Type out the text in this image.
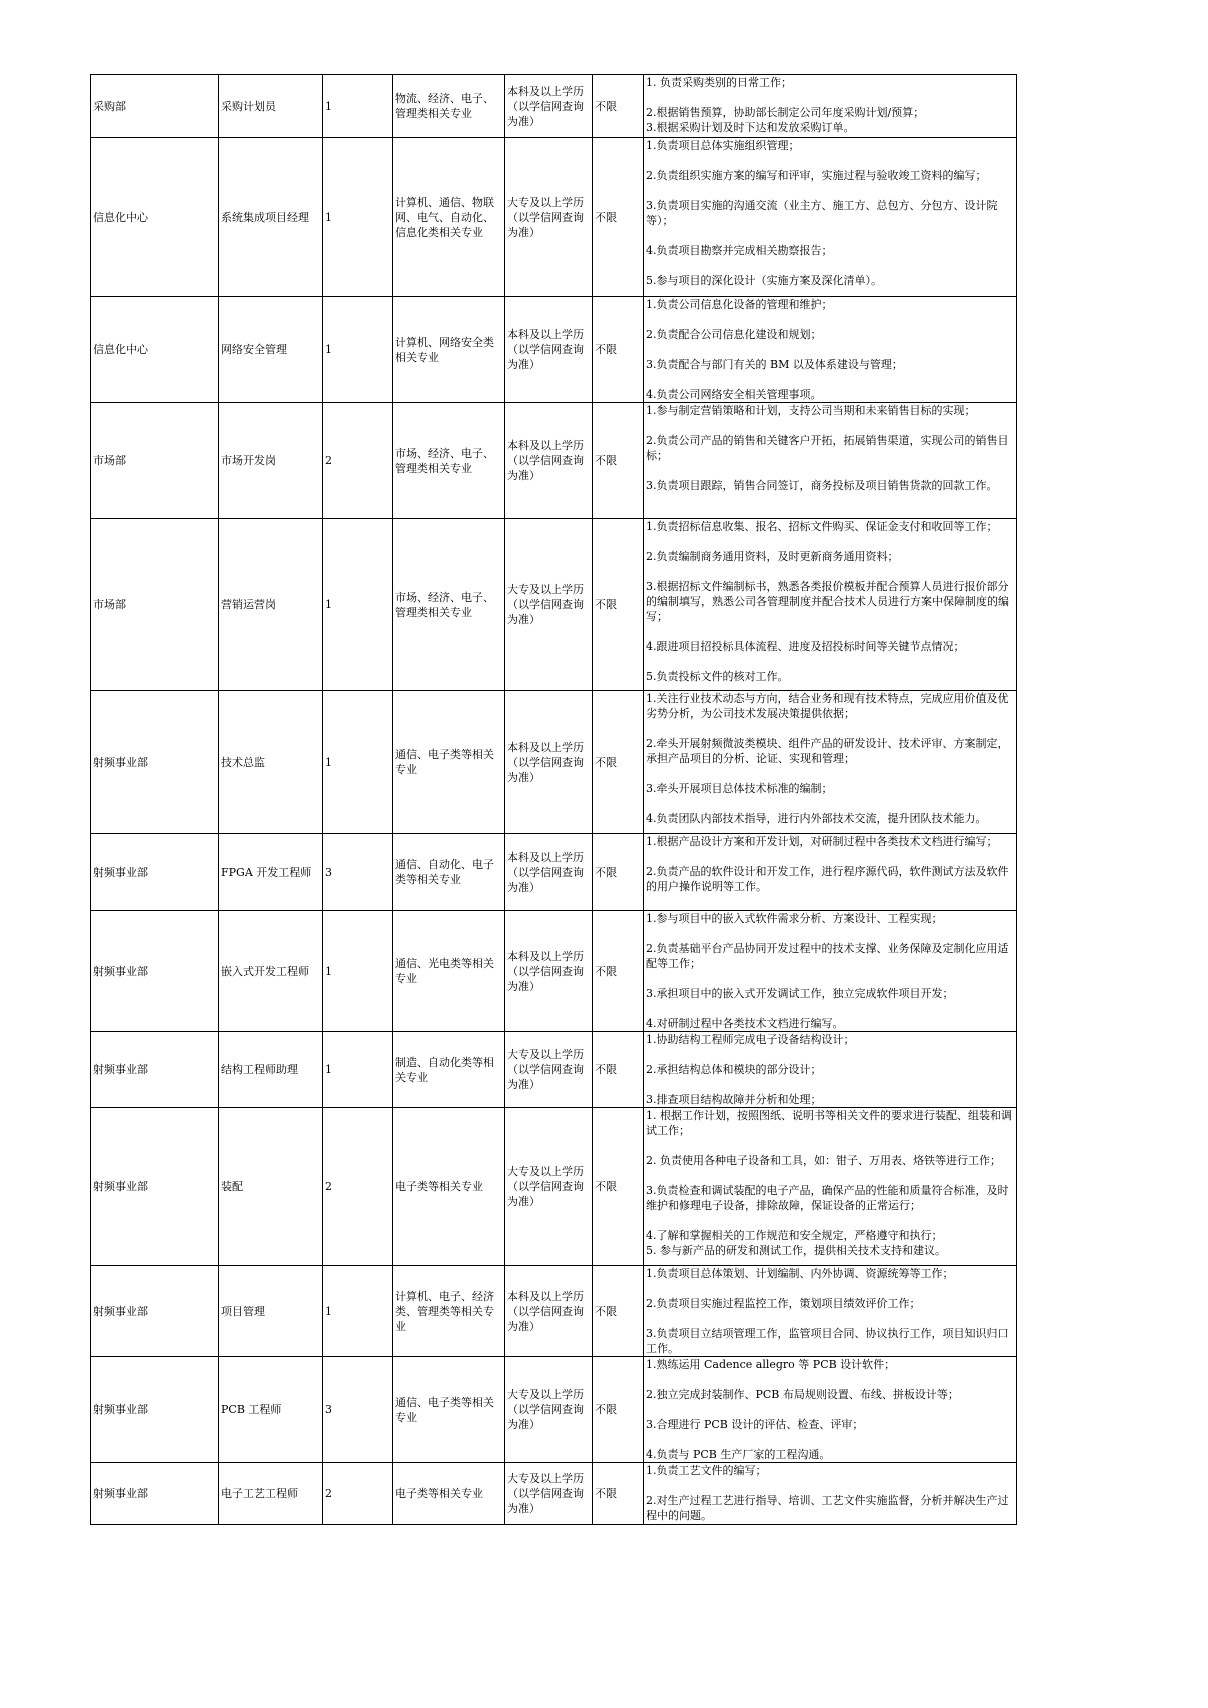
采购部	采购计划员	1	物流、经济、电子、管理类相关专业	本科及以上学历（以学信网查询为准）	不限	1. 负责采购类别的日常工作；
2.根据销售预算，协助部长制定公司年度采购计划/预算；
3.根据采购计划及时下达和发放采购订单。

信息化中心	系统集成项目经理	1	计算机、通信、物联网、电气、自动化、信息化类相关专业	大专及以上学历（以学信网查询为准）	不限	1.负责项目总体实施组织管理；
2.负责组织实施方案的编写和评审，实施过程与验收竣工资料的编写；
3.负责项目实施的沟通交流（业主方、施工方、总包方、分包方、设计院等）；
4.负责项目勘察并完成相关勘察报告；
5.参与项目的深化设计（实施方案及深化清单）。

信息化中心	网络安全管理	1	计算机、网络安全类相关专业	本科及以上学历（以学信网查询为准）	不限	1.负责公司信息化设备的管理和维护；
2.负责配合公司信息化建设和规划；
3.负责配合与部门有关的 BM 以及体系建设与管理；
4.负责公司网络安全相关管理事项。

市场部	市场开发岗	2	市场、经济、电子、管理类相关专业	本科及以上学历（以学信网查询为准）	不限	1.参与制定营销策略和计划，支持公司当期和未来销售目标的实现；
2.负责公司产品的销售和关键客户开拓，拓展销售渠道，实现公司的销售目标；
3.负责项目跟踪，销售合同签订，商务投标及项目销售货款的回款工作。

市场部	营销运营岗	1	市场、经济、电子、管理类相关专业	大专及以上学历（以学信网查询为准）	不限	1.负责招标信息收集、报名、招标文件购买、保证金支付和收回等工作；
2.负责编制商务通用资料，及时更新商务通用资料；
3.根据招标文件编制标书，熟悉各类报价模板并配合预算人员进行报价部分的编制填写，熟悉公司各管理制度并配合技术人员进行方案中保障制度的编写；
4.跟进项目招投标具体流程、进度及招投标时间等关键节点情况；
5.负责投标文件的核对工作。

射频事业部	技术总监	1	通信、电子类等相关专业	本科及以上学历（以学信网查询为准）	不限	1.关注行业技术动态与方向，结合业务和现有技术特点，完成应用价值及优劣势分析，为公司技术发展决策提供依据；
2.牵头开展射频微波类模块、组件产品的研发设计、技术评审、方案制定，承担产品项目的分析、论证、实现和管理；
3.牵头开展项目总体技术标准的编制；
4.负责团队内部技术指导，进行内外部技术交流，提升团队技术能力。

射频事业部	FPGA 开发工程师	3	通信、自动化、电子类等相关专业	本科及以上学历（以学信网查询为准）	不限	1.根据产品设计方案和开发计划，对研制过程中各类技术文档进行编写；
2.负责产品的软件设计和开发工作，进行程序源代码，软件测试方法及软件的用户操作说明等工作。

射频事业部	嵌入式开发工程师	1	通信、光电类等相关专业	本科及以上学历（以学信网查询为准）	不限	1.参与项目中的嵌入式软件需求分析、方案设计、工程实现；
2.负责基础平台产品协同开发过程中的技术支撑、业务保障及定制化应用适配等工作；
3.承担项目中的嵌入式开发调试工作，独立完成软件项目开发；
4.对研制过程中各类技术文档进行编写。

射频事业部	结构工程师助理	1	制造、自动化类等相关专业	大专及以上学历（以学信网查询为准）	不限	1.协助结构工程师完成电子设备结构设计；
2.承担结构总体和模块的部分设计；
3.排查项目结构故障并分析和处理；

射频事业部	装配	2	电子类等相关专业	大专及以上学历（以学信网查询为准）	不限	1. 根据工作计划，按照图纸、说明书等相关文件的要求进行装配、组装和调试工作；
2. 负责使用各种电子设备和工具，如：钳子、万用表、烙铁等进行工作；
3.负责检查和调试装配的电子产品，确保产品的性能和质量符合标准，及时维护和修理电子设备，排除故障，保证设备的正常运行；
4.了解和掌握相关的工作规范和安全规定，严格遵守和执行；
5. 参与新产品的研发和测试工作，提供相关技术支持和建议。

射频事业部	项目管理	1	计算机、电子、经济类、管理类等相关专业	本科及以上学历（以学信网查询为准）	不限	1.负责项目总体策划、计划编制、内外协调、资源统筹等工作；
2.负责项目实施过程监控工作，策划项目绩效评价工作；
3.负责项目立结项管理工作，监管项目合同、协议执行工作，项目知识归口工作。

射频事业部	PCB 工程师	3	通信、电子类等相关专业	大专及以上学历（以学信网查询为准）	不限	1.熟练运用 Cadence allegro 等 PCB 设计软件；
2.独立完成封装制作、PCB 布局规则设置、布线、拼板设计等；
3.合理进行 PCB 设计的评估、检查、评审；
4.负责与 PCB 生产厂家的工程沟通。

射频事业部	电子工艺工程师	2	电子类等相关专业	大专及以上学历（以学信网查询为准）	不限	1.负责工艺文件的编写；
2.对生产过程工艺进行指导、培训、工艺文件实施监督，分析并解决生产过程中的问题。
